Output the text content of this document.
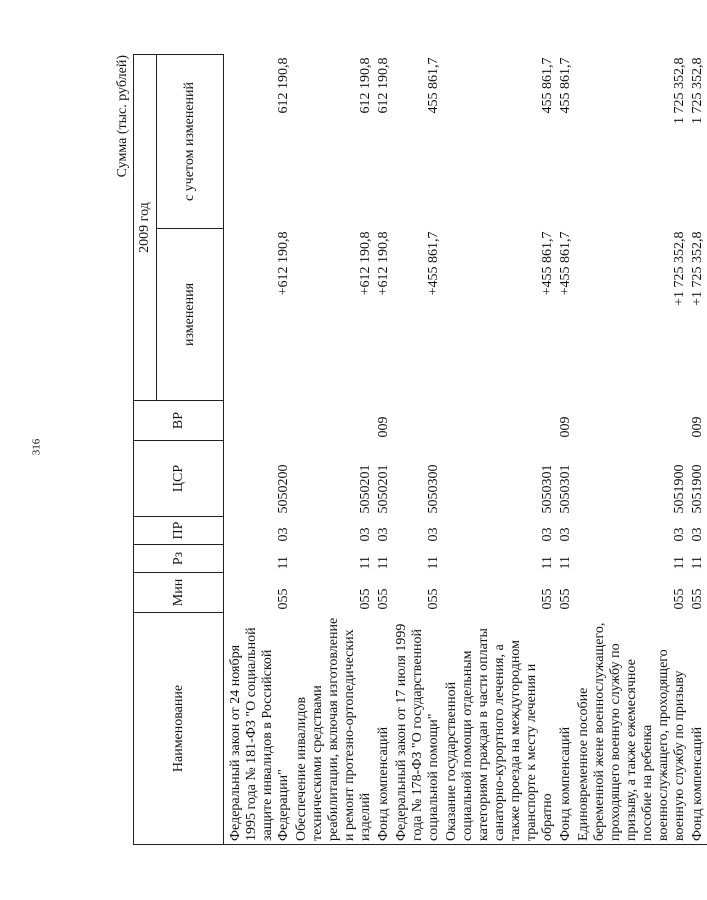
316
Сумма (тыс. рублей)
Наименование	Мин	Рз	ПР	ЦСР	ВР	2009 год	
						изменения	с учетом изменений
Федеральный закон от 24 ноября 1995 года № 181-ФЗ "О социальной защите инвалидов в Российской Федерации"	055	11	03	5050200		+612 190,8	612 190,8
Обеспечение инвалидов техническими средствами реабилитации, включая изготовление и ремонт протезно-ортопедических изделий	055	11	03	5050201		+612 190,8	612 190,8
Фонд компенсаций	055	11	03	5050201	009	+612 190,8	612 190,8
Федеральный закон от 17 июля 1999 года № 178-ФЗ "О государственной социальной помощи"	055	11	03	5050300		+455 861,7	455 861,7
Оказание государственной социальной помощи отдельным категориям граждан в части оплаты санаторно-курортного лечения, а также проезда на междугородном транспорте к месту лечения и обратно	055	11	03	5050301		+455 861,7	455 861,7
Фонд компенсаций	055	11	03	5050301	009	+455 861,7	455 861,7
Единовременное пособие беременной жене военнослужащего, проходящего военную службу по призыву, а также ежемесячное пособие на ребенка военнослужащего, проходящего военную службу по призыву	055	11	03	5051900		+1 725 352,8	1 725 352,8
Фонд компенсаций	055	11	03	5051900	009	+1 725 352,8	1 725 352,8
